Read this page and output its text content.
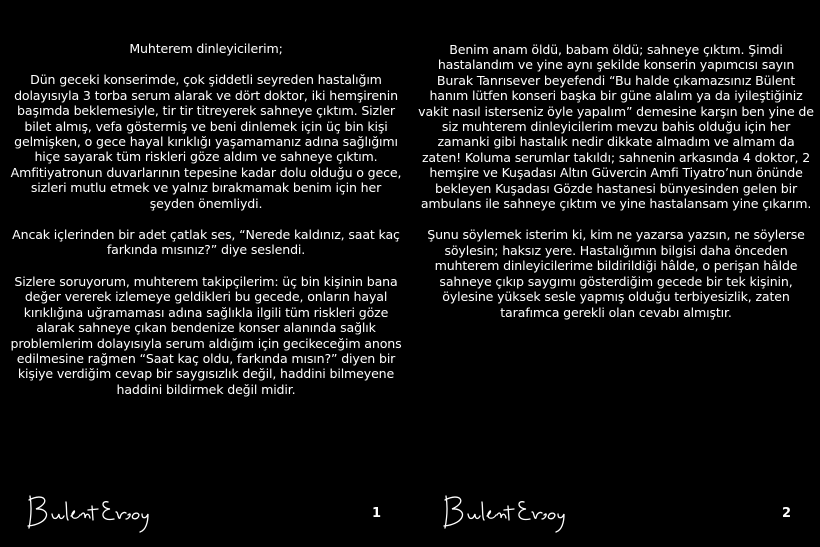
Muhterem dinleyicilerim;

Dün geceki konserimde, çok şiddetli seyreden hastalığım dolayısıyla 3 torba serum alarak ve dört doktor, iki hemşirenin başımda beklemesiyle, tir tir titreyerek sahneye çıktım. Sizler bilet almış, vefa göstermiş ve beni dinlemek için üç bin kişi gelmişken, o gece hayal kırıklığı yaşamamanız adına sağlığımı hiçe sayarak tüm riskleri göze aldım ve sahneye çıktım. Amfitiyatronun duvarlarının tepesine kadar dolu olduğu o gece, sizleri mutlu etmek ve yalnız bırakmamak benim için her şeyden önemliydi.

Ancak içlerinden bir adet çatlak ses, “Nerede kaldınız, saat kaç farkında mısınız?” diye seslendi.

Sizlere soruyorum, muhterem takipçilerim: üç bin kişinin bana değer vererek izlemeye geldikleri bu gecede, onların hayal kırıklığına uğramaması adına sağlıkla ilgili tüm riskleri göze alarak sahneye çıkan bendenize konser alanında sağlık problemlerim dolayısıyla serum aldığım için gecikeceğim anons edilmesine rağmen “Saat kaç oldu, farkında mısın?” diyen bir kişiye verdiğim cevap bir saygısızlık değil, haddini bilmeyene haddini bildirmek değil midir.

1

Benim anam öldü, babam öldü; sahneye çıktım. Şimdi hastalandım ve yine aynı şekilde konserin yapımcısı sayın Burak Tanrısever beyefendi “Bu halde çıkamazsınız Bülent hanım lütfen konseri başka bir güne alalım ya da iyileştiğiniz vakit nasıl isterseniz öyle yapalım” demesine karşın ben yine de siz muhterem dinleyicilerim mevzu bahis olduğu için her zamanki gibi hastalık nedir dikkate almadım ve almam da zaten! Koluma serumlar takıldı; sahnenin arkasında 4 doktor, 2 hemşire ve Kuşadası Altın Güvercin Amfi Tiyatro’nun önünde bekleyen Kuşadası Gözde hastanesi bünyesinden gelen bir ambulans ile sahneye çıktım ve yine hastalansam yine çıkarım.

Şunu söylemek isterim ki, kim ne yazarsa yazsın, ne söylerse söylesin; haksız yere. Hastalığımın bilgisi daha önceden muhterem dinleyicilerime bildirildiği hâlde, o perişan hâlde sahneye çıkıp saygımı gösterdiğim gecede bir tek kişinin, öylesine yüksek sesle yapmış olduğu terbiyesizlik, zaten tarafımca gerekli olan cevabı almıştır.

2
